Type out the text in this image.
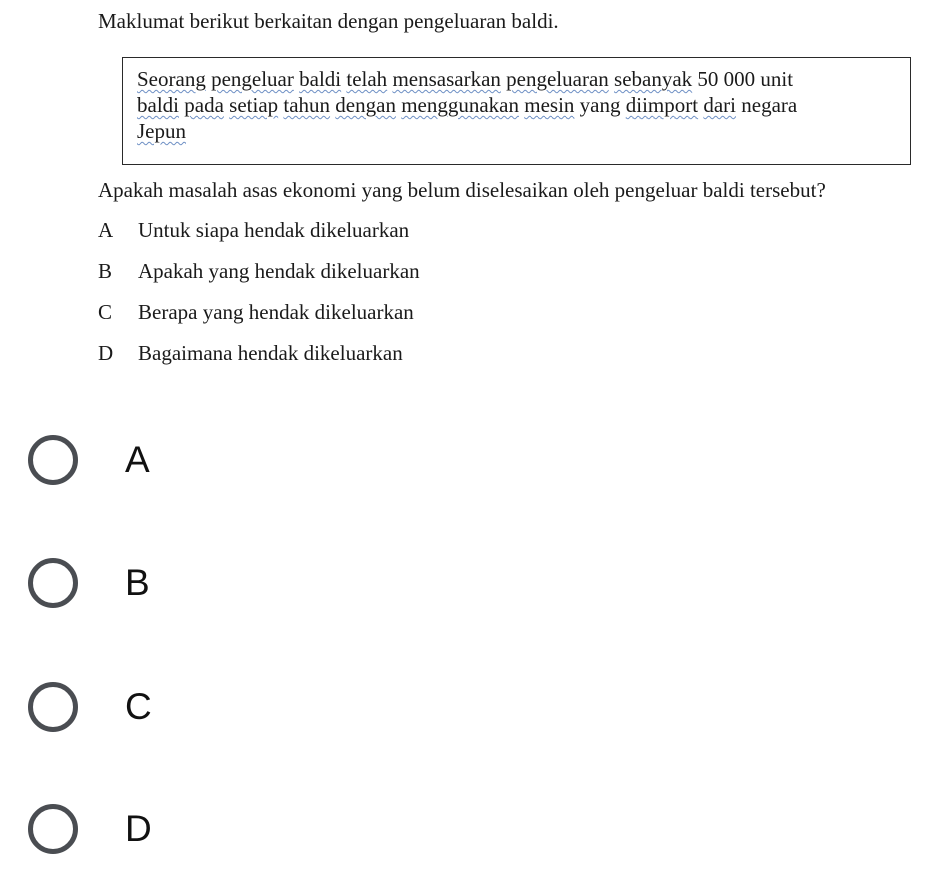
Maklumat berikut berkaitan dengan pengeluaran baldi.
Seorang pengeluar baldi telah mensasarkan pengeluaran sebanyak 50 000 unit
baldi pada setiap tahun dengan menggunakan mesin yang diimport dari negara
Jepun
Apakah masalah asas ekonomi yang belum diselesaikan oleh pengeluar baldi tersebut?
A Untuk siapa hendak dikeluarkan
B Apakah yang hendak dikeluarkan
C Berapa yang hendak dikeluarkan
D Bagaimana hendak dikeluarkan
A
B
C
D
